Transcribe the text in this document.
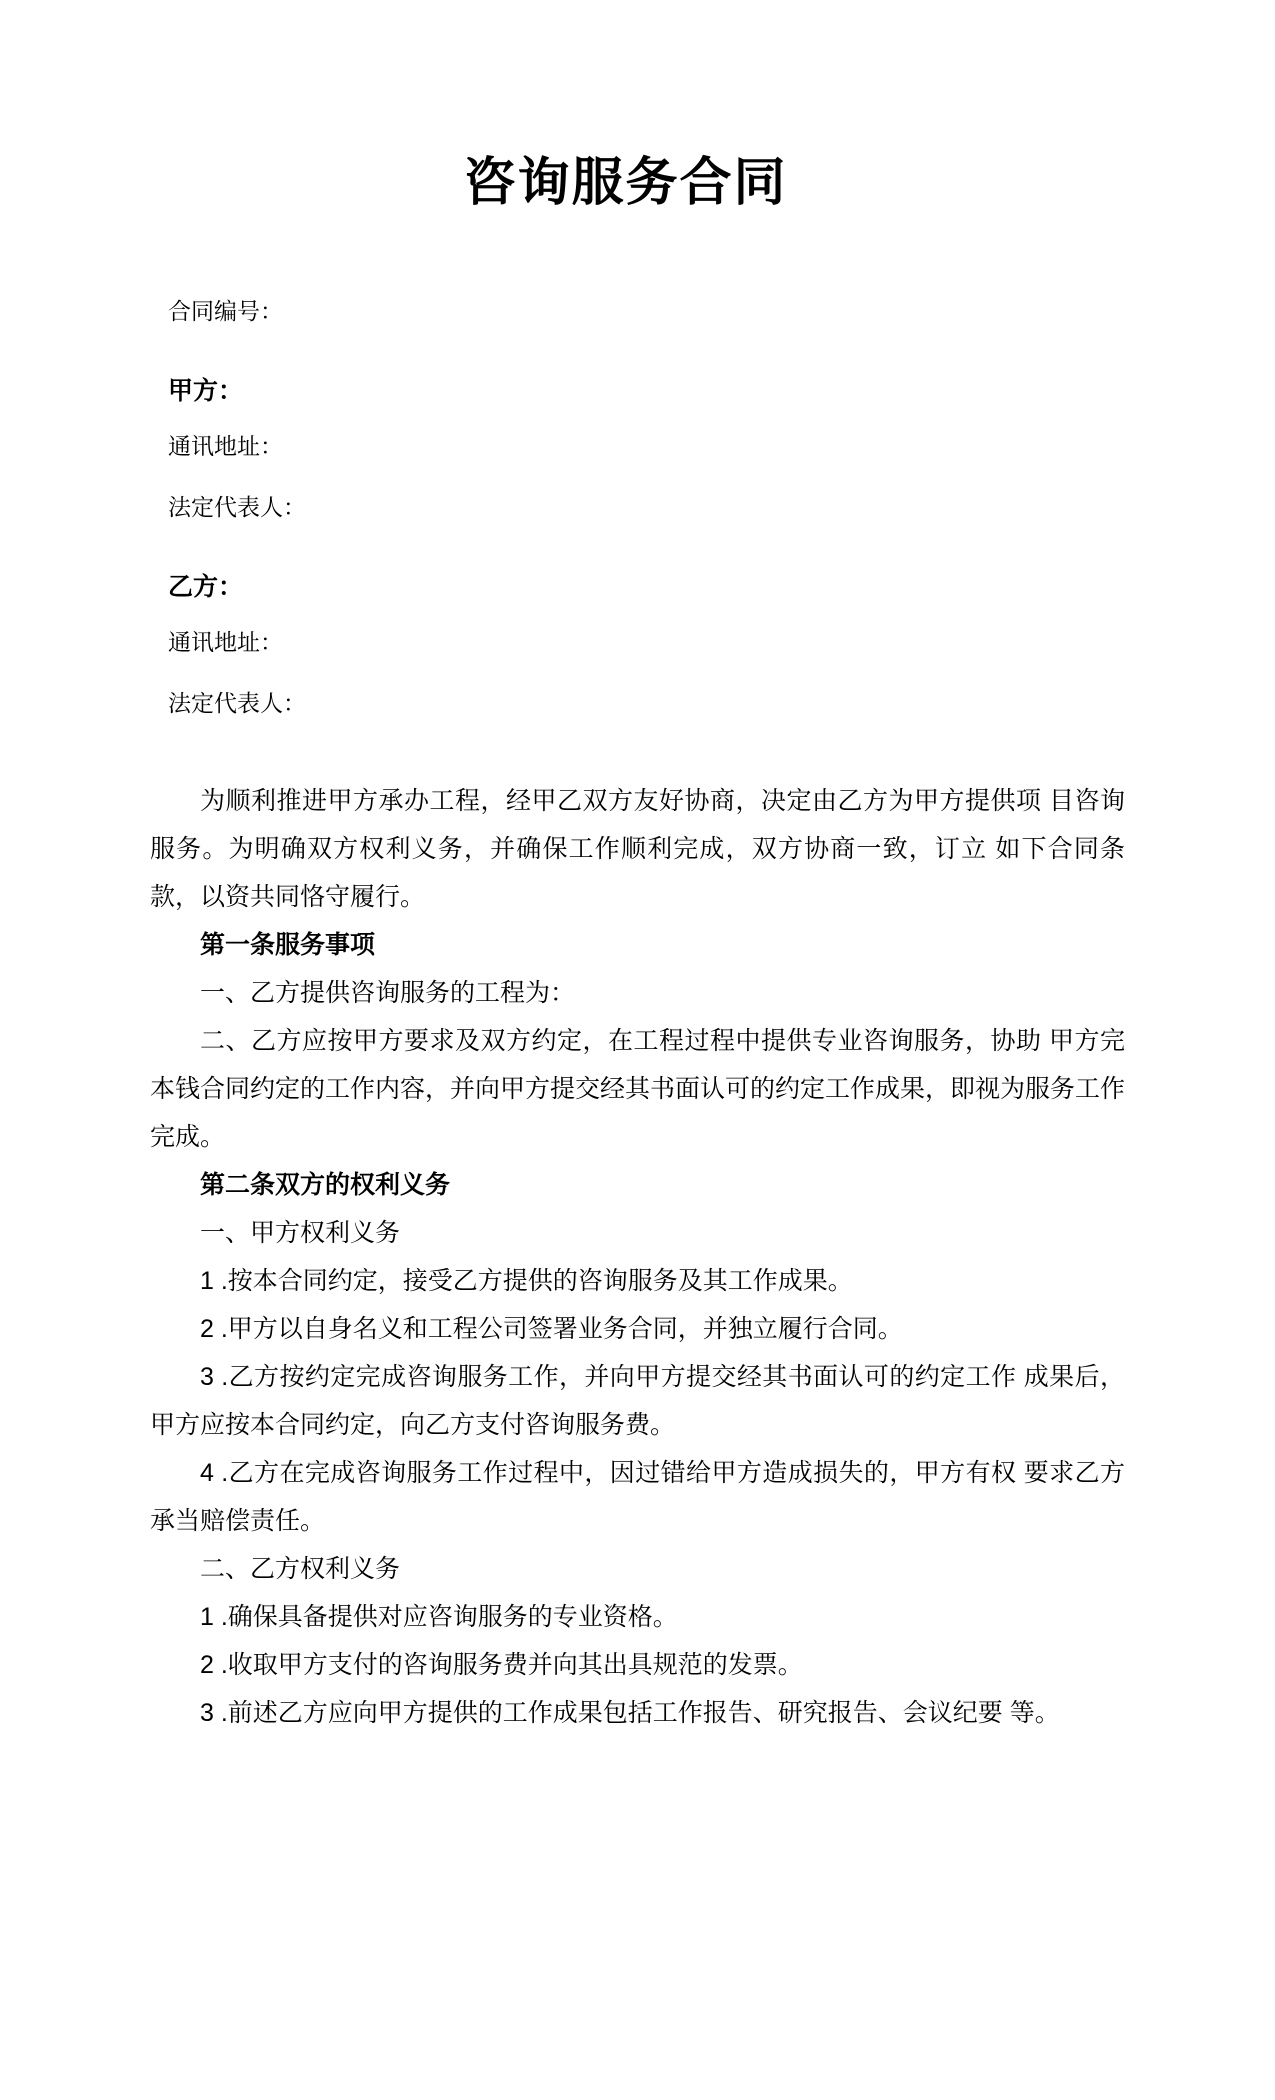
咨询服务合同

合同编号：

甲方：

通讯地址：

法定代表人：

乙方：

通讯地址：

法定代表人：

为顺利推进甲方承办工程，经甲乙双方友好协商，决定由乙方为甲方提供项 目咨询服务。为明确双方权利义务，并确保工作顺利完成，双方协商一致，订立 如下合同条款，以资共同恪守履行。

第一条服务事项

一、乙方提供咨询服务的工程为：

二、乙方应按甲方要求及双方约定，在工程过程中提供专业咨询服务，协助 甲方完本钱合同约定的工作内容，并向甲方提交经其书面认可的约定工作成果，即视为服务工作完成。

第二条双方的权利义务

一、甲方权利义务

1 .按本合同约定，接受乙方提供的咨询服务及其工作成果。

2 .甲方以自身名义和工程公司签署业务合同，并独立履行合同。

3 .乙方按约定完成咨询服务工作，并向甲方提交经其书面认可的约定工作 成果后，甲方应按本合同约定，向乙方支付咨询服务费。

4 .乙方在完成咨询服务工作过程中，因过错给甲方造成损失的，甲方有权 要求乙方承当赔偿责任。

二、乙方权利义务

1 .确保具备提供对应咨询服务的专业资格。

2 .收取甲方支付的咨询服务费并向其出具规范的发票。

3 .前述乙方应向甲方提供的工作成果包括工作报告、研究报告、会议纪要 等。
